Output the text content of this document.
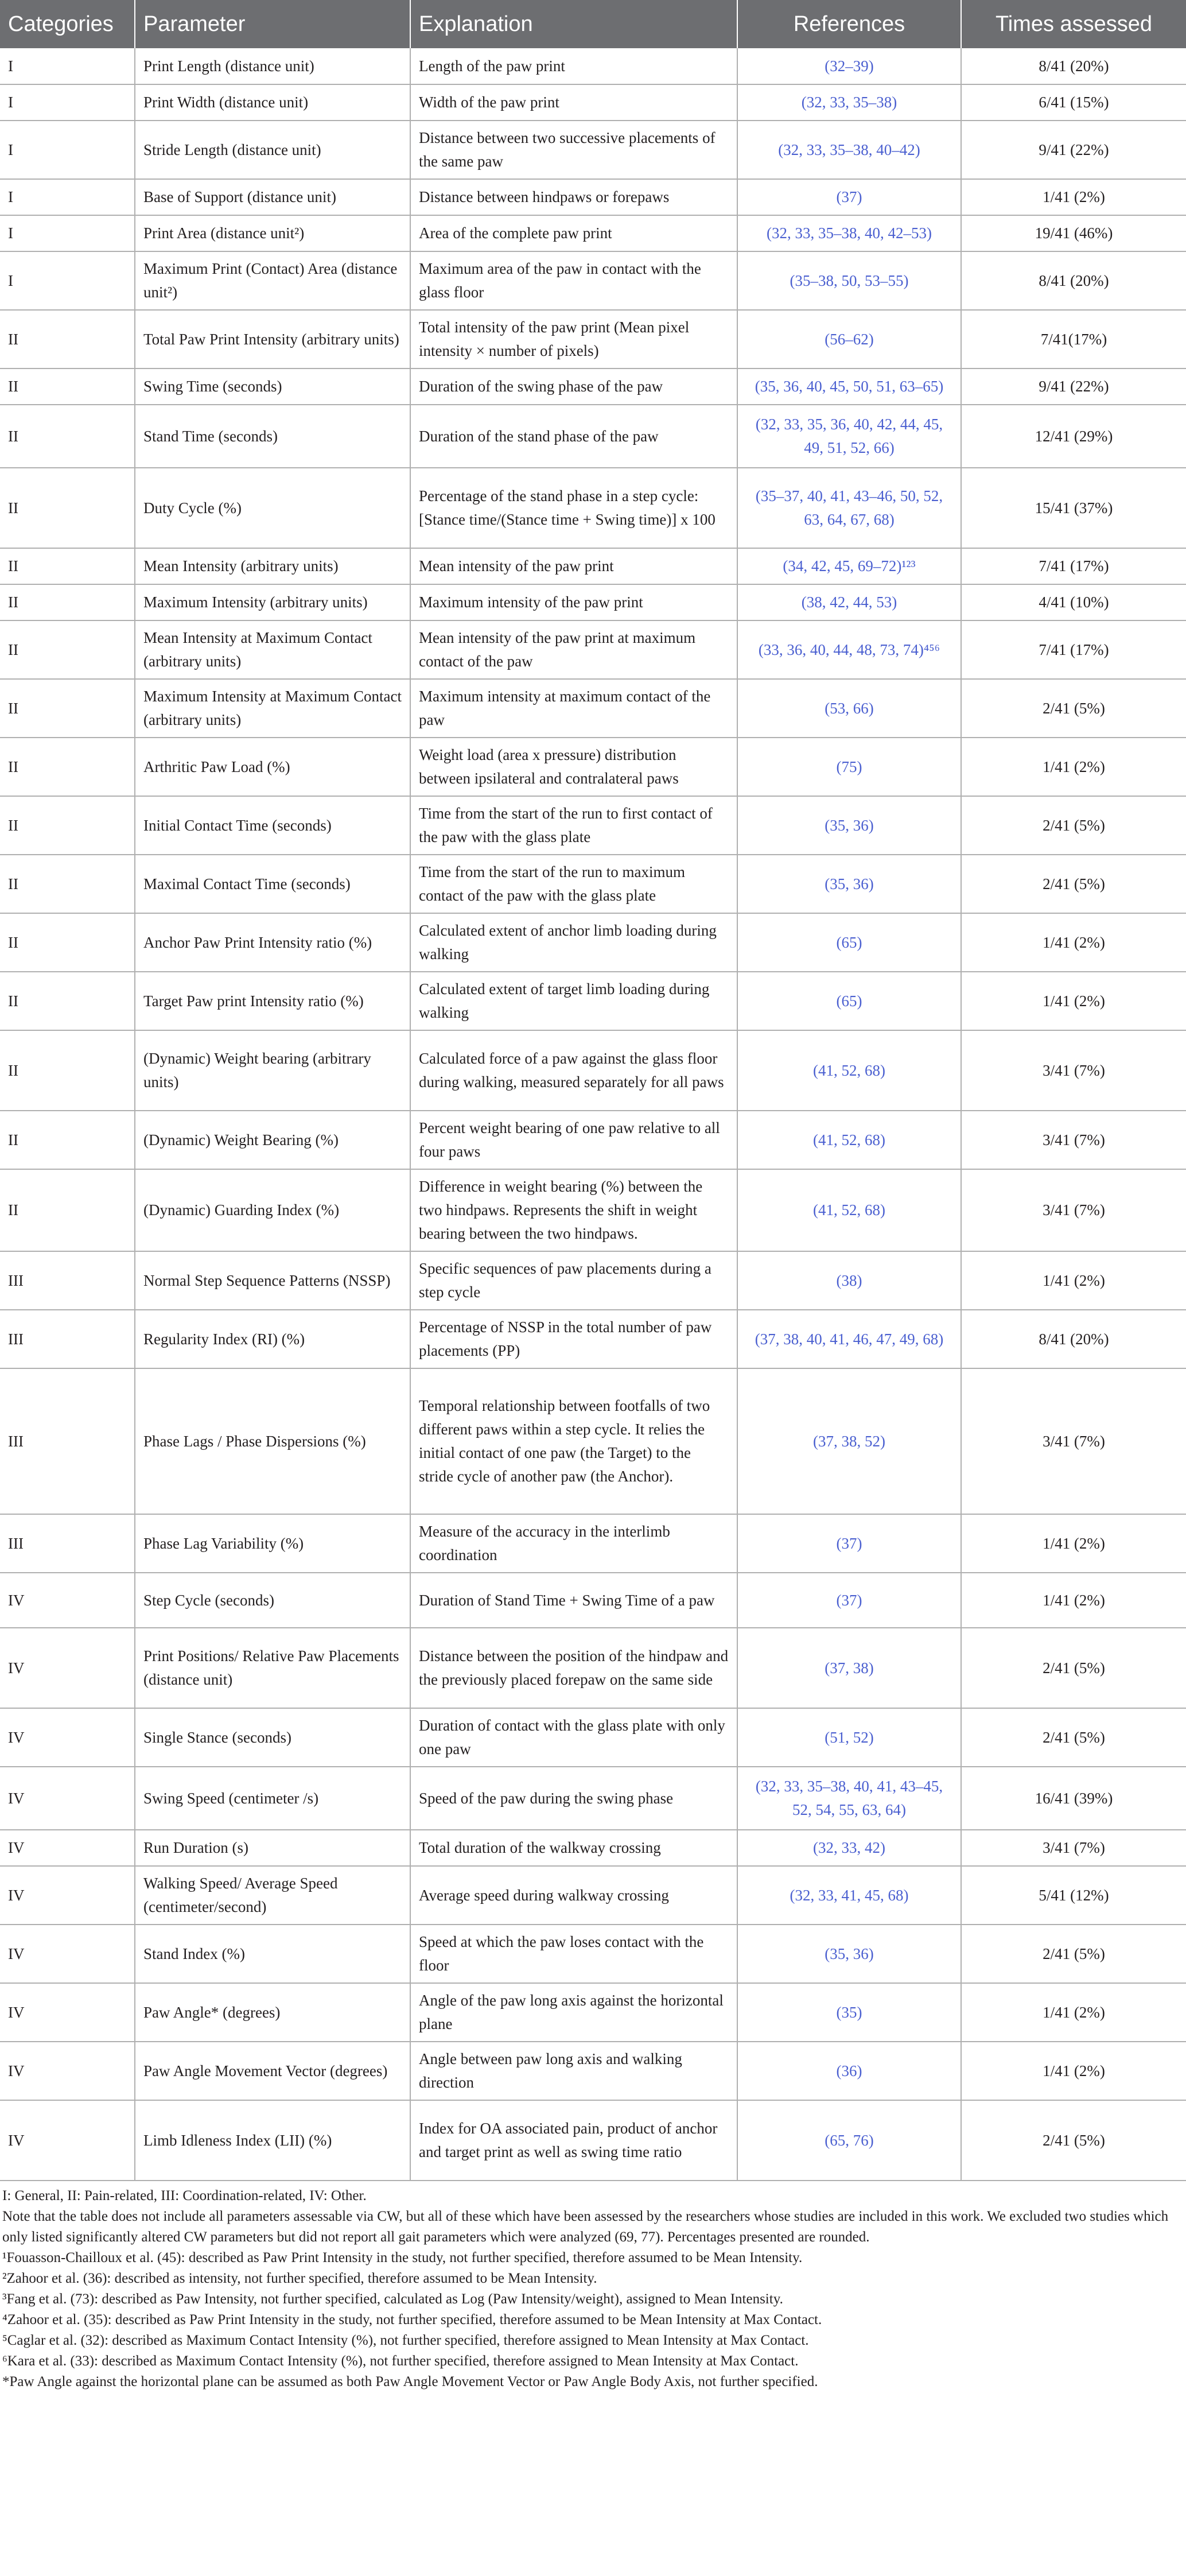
Categories	Parameter	Explanation	References	Times assessed
I	Print Length (distance unit)	Length of the paw print	(32–39)	8/41 (20%)
I	Print Width (distance unit)	Width of the paw print	(32, 33, 35–38)	6/41 (15%)
I	Stride Length (distance unit)	Distance between two successive placements of the same paw	(32, 33, 35–38, 40–42)	9/41 (22%)
I	Base of Support (distance unit)	Distance between hindpaws or forepaws	(37)	1/41 (2%)
I	Print Area (distance unit²)	Area of the complete paw print	(32, 33, 35–38, 40, 42–53)	19/41 (46%)
I	Maximum Print (Contact) Area (distance unit²)	Maximum area of the paw in contact with the glass floor	(35–38, 50, 53–55)	8/41 (20%)
II	Total Paw Print Intensity (arbitrary units)	Total intensity of the paw print (Mean pixel intensity × number of pixels)	(56–62)	7/41(17%)
II	Swing Time (seconds)	Duration of the swing phase of the paw	(35, 36, 40, 45, 50, 51, 63–65)	9/41 (22%)
II	Stand Time (seconds)	Duration of the stand phase of the paw	(32, 33, 35, 36, 40, 42, 44, 45, 49, 51, 52, 66)	12/41 (29%)
II	Duty Cycle (%)	Percentage of the stand phase in a step cycle: [Stance time/(Stance time + Swing time)] x 100	(35–37, 40, 41, 43–46, 50, 52, 63, 64, 67, 68)	15/41 (37%)
II	Mean Intensity (arbitrary units)	Mean intensity of the paw print	(34, 42, 45, 69–72)¹²³	7/41 (17%)
II	Maximum Intensity (arbitrary units)	Maximum intensity of the paw print	(38, 42, 44, 53)	4/41 (10%)
II	Mean Intensity at Maximum Contact (arbitrary units)	Mean intensity of the paw print at maximum contact of the paw	(33, 36, 40, 44, 48, 73, 74)⁴⁵⁶	7/41 (17%)
II	Maximum Intensity at Maximum Contact (arbitrary units)	Maximum intensity at maximum contact of the paw	(53, 66)	2/41 (5%)
II	Arthritic Paw Load (%)	Weight load (area x pressure) distribution between ipsilateral and contralateral paws	(75)	1/41 (2%)
II	Initial Contact Time (seconds)	Time from the start of the run to first contact of the paw with the glass plate	(35, 36)	2/41 (5%)
II	Maximal Contact Time (seconds)	Time from the start of the run to maximum contact of the paw with the glass plate	(35, 36)	2/41 (5%)
II	Anchor Paw Print Intensity ratio (%)	Calculated extent of anchor limb loading during walking	(65)	1/41 (2%)
II	Target Paw print Intensity ratio (%)	Calculated extent of target limb loading during walking	(65)	1/41 (2%)
II	(Dynamic) Weight bearing (arbitrary units)	Calculated force of a paw against the glass floor during walking, measured separately for all paws	(41, 52, 68)	3/41 (7%)
II	(Dynamic) Weight Bearing (%)	Percent weight bearing of one paw relative to all four paws	(41, 52, 68)	3/41 (7%)
II	(Dynamic) Guarding Index (%)	Difference in weight bearing (%) between the two hindpaws. Represents the shift in weight bearing between the two hindpaws.	(41, 52, 68)	3/41 (7%)
III	Normal Step Sequence Patterns (NSSP)	Specific sequences of paw placements during a step cycle	(38)	1/41 (2%)
III	Regularity Index (RI) (%)	Percentage of NSSP in the total number of paw placements (PP)	(37, 38, 40, 41, 46, 47, 49, 68)	8/41 (20%)
III	Phase Lags / Phase Dispersions (%)	Temporal relationship between footfalls of two different paws within a step cycle. It relies the initial contact of one paw (the Target) to the stride cycle of another paw (the Anchor).	(37, 38, 52)	3/41 (7%)
III	Phase Lag Variability (%)	Measure of the accuracy in the interlimb coordination	(37)	1/41 (2%)
IV	Step Cycle (seconds)	Duration of Stand Time + Swing Time of a paw	(37)	1/41 (2%)
IV	Print Positions/ Relative Paw Placements (distance unit)	Distance between the position of the hindpaw and the previously placed forepaw on the same side	(37, 38)	2/41 (5%)
IV	Single Stance (seconds)	Duration of contact with the glass plate with only one paw	(51, 52)	2/41 (5%)
IV	Swing Speed (centimeter /s)	Speed of the paw during the swing phase	(32, 33, 35–38, 40, 41, 43–45, 52, 54, 55, 63, 64)	16/41 (39%)
IV	Run Duration (s)	Total duration of the walkway crossing	(32, 33, 42)	3/41 (7%)
IV	Walking Speed/ Average Speed (centimeter/second)	Average speed during walkway crossing	(32, 33, 41, 45, 68)	5/41 (12%)
IV	Stand Index (%)	Speed at which the paw loses contact with the floor	(35, 36)	2/41 (5%)
IV	Paw Angle* (degrees)	Angle of the paw long axis against the horizontal plane	(35)	1/41 (2%)
IV	Paw Angle Movement Vector (degrees)	Angle between paw long axis and walking direction	(36)	1/41 (2%)
IV	Limb Idleness Index (LII) (%)	Index for OA associated pain, product of anchor and target print as well as swing time ratio	(65, 76)	2/41 (5%)

I: General, II: Pain-related, III: Coordination-related, IV: Other.

Note that the table does not include all parameters assessable via CW, but all of these which have been assessed by the researchers whose studies are included in this work. We excluded two studies which only listed significantly altered CW parameters but did not report all gait parameters which were analyzed (69, 77). Percentages presented are rounded.

¹Fouasson-Chailloux et al. (45): described as Paw Print Intensity in the study, not further specified, therefore assumed to be Mean Intensity.

²Zahoor et al. (36): described as intensity, not further specified, therefore assumed to be Mean Intensity.

³Fang et al. (73): described as Paw Intensity, not further specified, calculated as Log (Paw Intensity/weight), assigned to Mean Intensity.

⁴Zahoor et al. (35): described as Paw Print Intensity in the study, not further specified, therefore assumed to be Mean Intensity at Max Contact.

⁵Caglar et al. (32): described as Maximum Contact Intensity (%), not further specified, therefore assigned to Mean Intensity at Max Contact.

⁶Kara et al. (33): described as Maximum Contact Intensity (%), not further specified, therefore assigned to Mean Intensity at Max Contact.

*Paw Angle against the horizontal plane can be assumed as both Paw Angle Movement Vector or Paw Angle Body Axis, not further specified.
